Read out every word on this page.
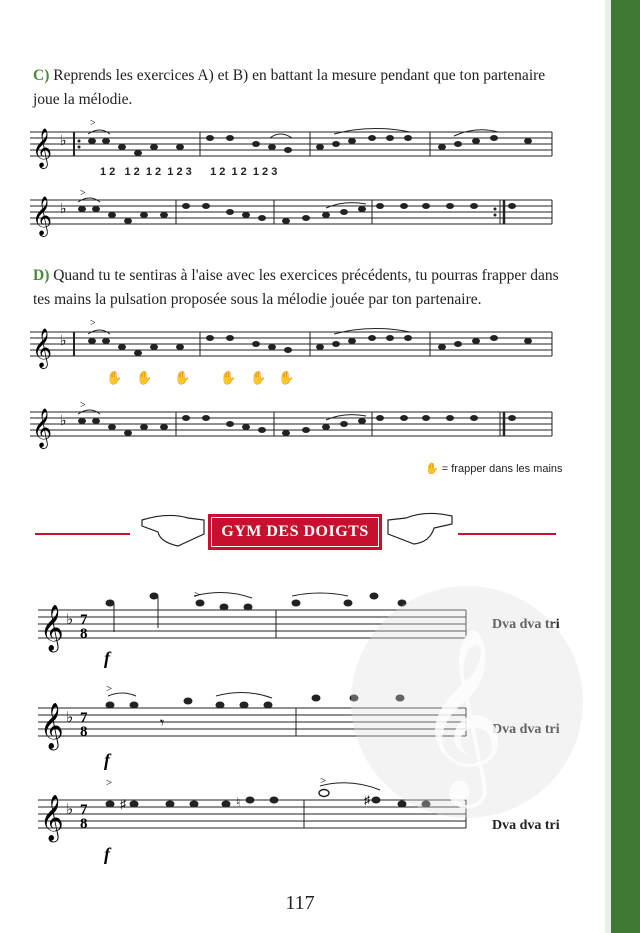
C) Reprends les exercices A) et B) en battant la mesure pendant que ton partenaire joue la mélodie.
𝄞 ♭
>
1 2   1 2  1 2  1 2 3      1 2  1 2  1 2 3
𝄞 ♭
>
D) Quand tu te sentiras à l'aise avec les exercices précédents, tu pourras frapper dans tes mains la pulsation proposée sous la mélodie jouée par ton partenaire.
𝄞 ♭
>
✋ ✋ ✋ ✋ ✋ ✋
𝄞 ♭
>
✋ = frapper dans les mains
GYM DES DOIGTS
𝄞 ♭ 7
8
>
f
Dva dva tri
𝄞 ♭ 7
8
>
𝄾
f
Dva dva tri
𝄞 ♭ 7
8
♯	♮	♯
>	>
f
Dva dva tri
𝄞
117
